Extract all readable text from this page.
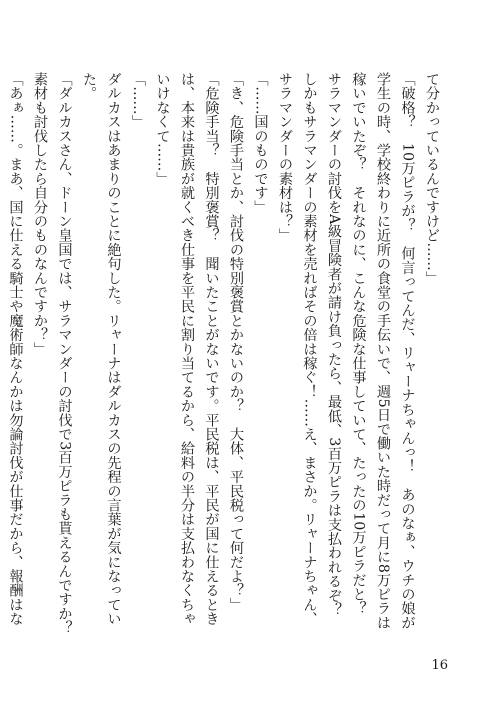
て分かっているんですけど……」

「破格？　10万ピラが？　何言ってんだ、リャーナちゃんっ！　あのなぁ、ウチの娘が学生の時、学校終わりに近所の食堂の手伝いで、週5日で働いた時だって月に8万ピラは稼いでいたぞ？　それなのに、こんな危険な仕事していて、たったの10万ピラだと？　サラマンダーの討伐をA級冒険者が請け負ったら、最低、3百万ピラは支払われるぞ？　しかもサラマンダーの素材を売ればその倍は稼ぐ！……え、まさか。リャーナちゃん、サラマンダーの素材は？」

「……国のものです」

「き、危険手当とか、討伐の特別褒賞とかないのか？　大体、平民税って何だよ？」

「危険手当？　特別褒賞？　聞いたことがないです。平民税は、平民が国に仕えるときは、本来は貴族が就くべき仕事を平民に割り当てるから、給料の半分は支払わなくちゃいけなくて……」

「……」

ダルカスはあまりのことに絶句した。リャーナはダルカスの先程の言葉が気になっていた。

「ダルカスさん、ドーン皇国では、サラマンダーの討伐で3百万ピラも貰えるんですか？　素材も討伐したら自分のものなんですか？」

「あぁ……。まあ、国に仕える騎士や魔術師なんかは勿論討伐が仕事だから、報酬はな

16
